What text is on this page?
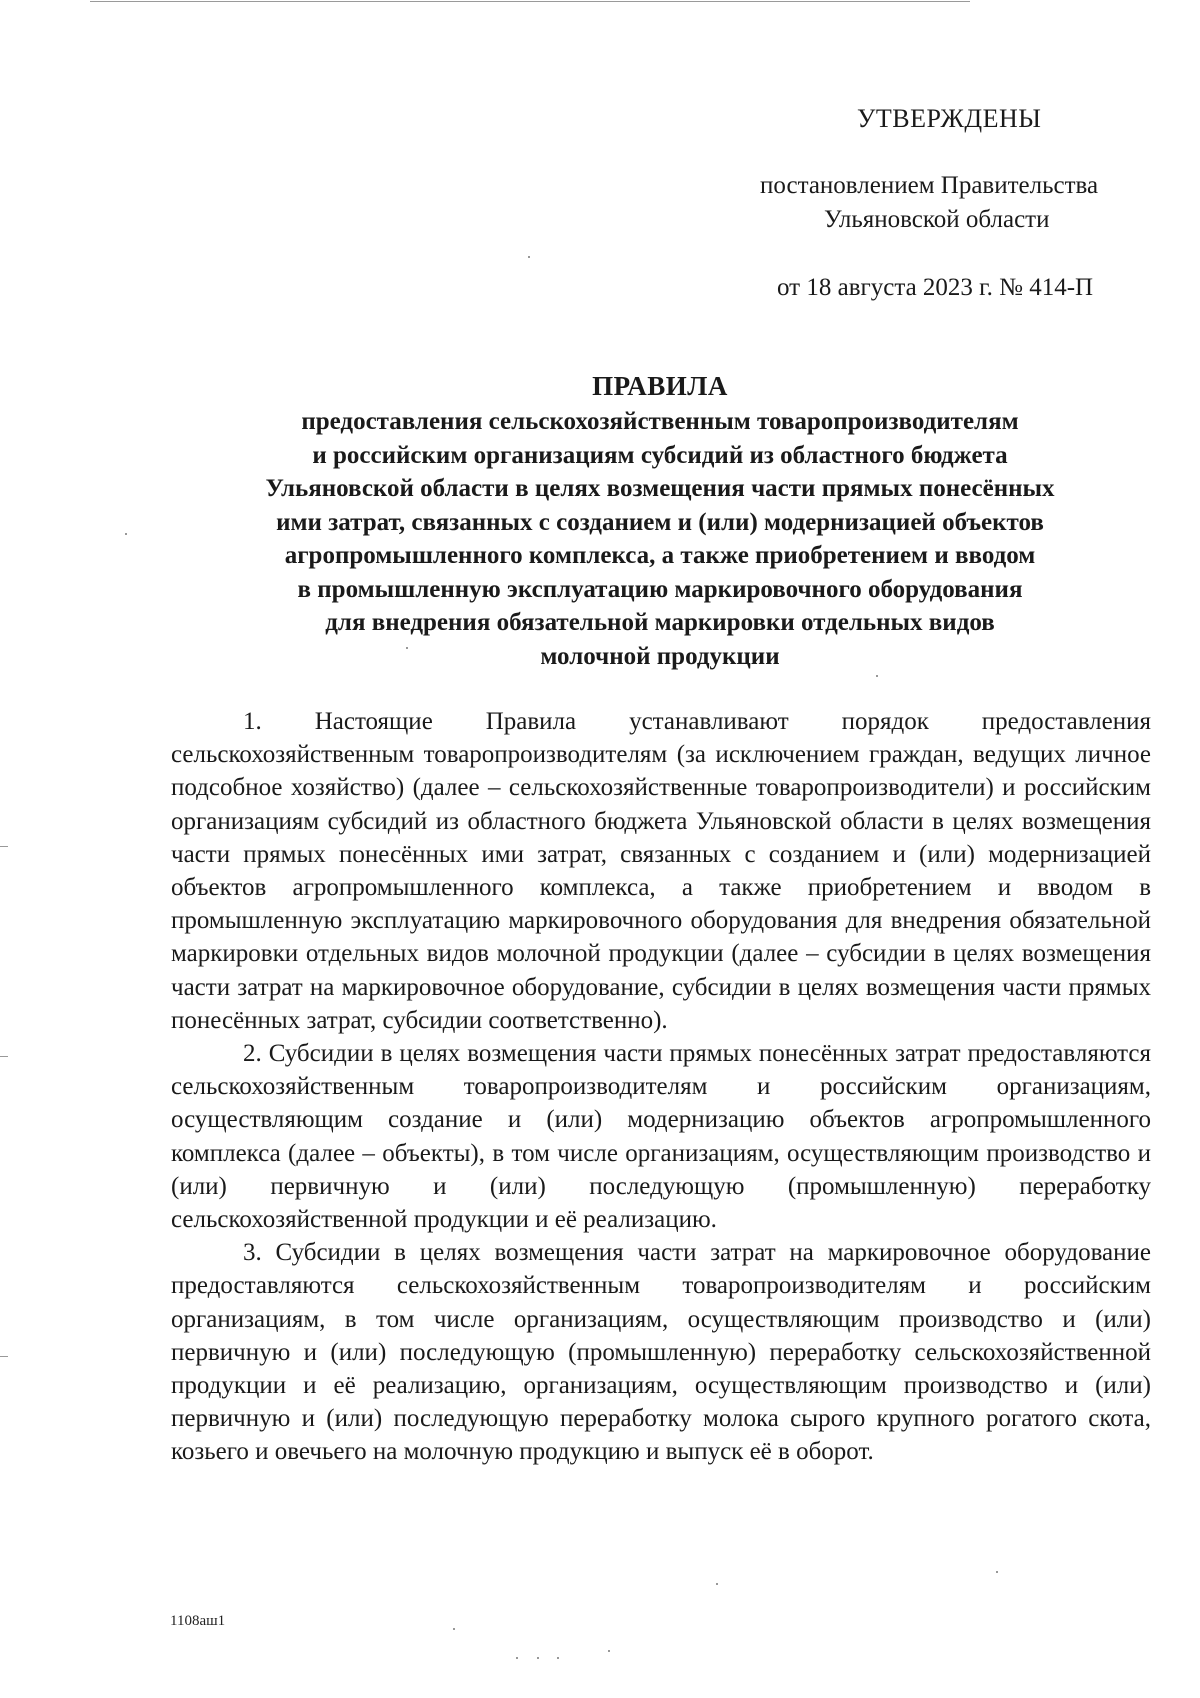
УТВЕРЖДЕНЫ
постановлением Правительства
Ульяновской области
от 18 августа 2023 г. № 414-П
ПРАВИЛА
предоставления сельскохозяйственным товаропроизводителям
и российским организациям субсидий из областного бюджета
Ульяновской области в целях возмещения части прямых понесённых
ими затрат, связанных с созданием и (или) модернизацией объектов
агропромышленного комплекса, а также приобретением и вводом
в промышленную эксплуатацию маркировочного оборудования
для внедрения обязательной маркировки отдельных видов
молочной продукции

1. Настоящие Правила устанавливают порядок предоставления сельскохозяйственным товаропроизводителям (за исключением граждан, ведущих личное подсобное хозяйство) (далее – сельскохозяйственные товаропроизводители) и российским организациям субсидий из областного бюджета Ульяновской области в целях возмещения части прямых понесённых ими затрат, связанных с созданием и (или) модернизацией объектов агропромышленного комплекса, а также приобретением и вводом в промышленную эксплуатацию маркировочного оборудования для внедрения обязательной маркировки отдельных видов молочной продукции (далее – субсидии в целях возмещения части затрат на маркировочное оборудование, субсидии в целях возмещения части прямых понесённых затрат, субсидии соответственно).

2. Субсидии в целях возмещения части прямых понесённых затрат предоставляются сельскохозяйственным товаропроизводителям и российским организациям, осуществляющим создание и (или) модернизацию объектов агропромышленного комплекса (далее – объекты), в том числе организациям, осуществляющим производство и (или) первичную и (или) последующую (промышленную) переработку сельскохозяйственной продукции и её реализацию.

3. Субсидии в целях возмещения части затрат на маркировочное оборудование предоставляются сельскохозяйственным товаропроизводителям и российским организациям, в том числе организациям, осуществляющим производство и (или) первичную и (или) последующую (промышленную) переработку сельскохозяйственной продукции и её реализацию, организациям, осуществляющим производство и (или) первичную и (или) последующую переработку молока сырого крупного рогатого скота, козьего и овечьего на молочную продукцию и выпуск её в оборот.

1108аш1
